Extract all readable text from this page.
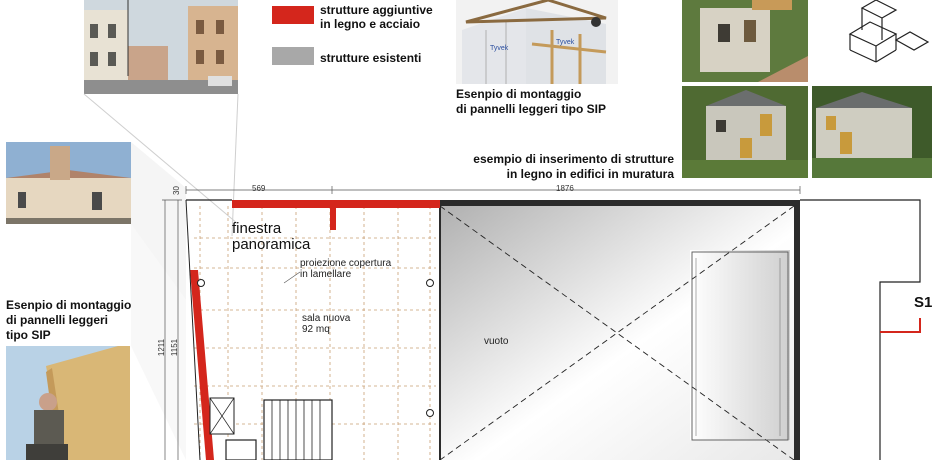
Tyvek
Tyvek
strutture aggiuntive
in legno e acciaio
strutture esistenti
Esenpio di montaggio
di pannelli leggeri tipo SIP
esempio di inserimento di strutture
in legno in edifici in muratura
Esenpio di montaggio
di pannelli leggeri
tipo SIP
569	1876
30
1211 1151
finestra
panoramica
proiezione copertura
in lamellare
sala nuova
92 mq
vuoto
S1
